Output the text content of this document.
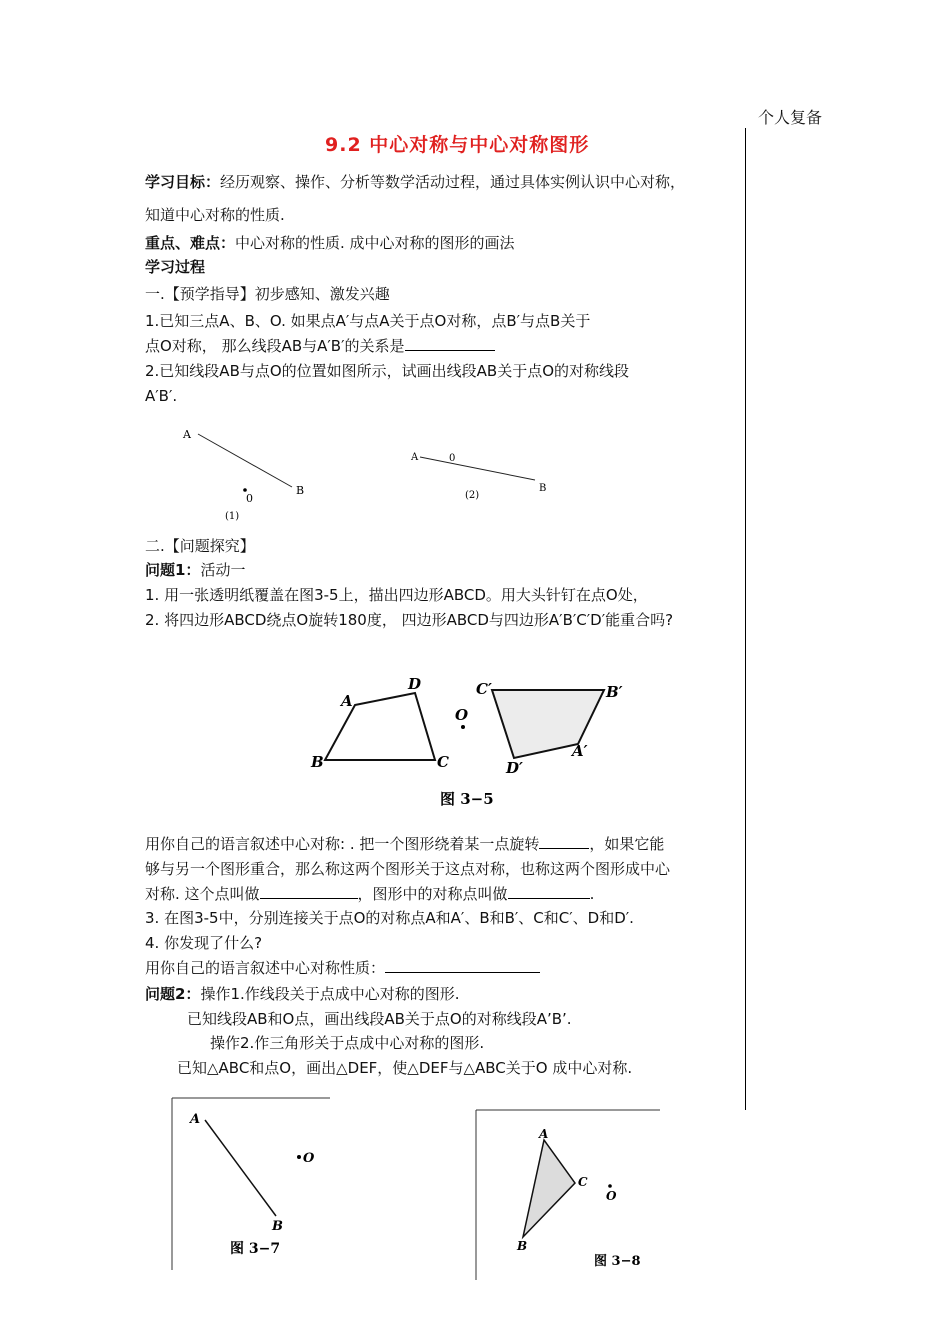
个人复备
9.2 中心对称与中心对称图形
学习目标：经历观察、操作、分析等数学活动过程，通过具体实例认识中心对称，
知道中心对称的性质.
重点、难点：中心对称的性质. 成中心对称的图形的画法
学习过程
一.【预学指导】初步感知、激发兴趣
1.已知三点A、B、O. 如果点A′与点A关于点O对称，点B′与点B关于
点O对称， 那么线段AB与A′B′的关系是
2.已知线段AB与点O的位置如图所示，试画出线段AB关于点O的对称线段
A′B′.
A
B
0
(1)
A	0
B
(2)
二.【问题探究】
问题1：活动一
1. 用一张透明纸覆盖在图3-5上，描出四边形ABCD。用大头针钉在点O处，
2. 将四边形ABCD绕点O旋转180度， 四边形ABCD与四边形A′B′C′D′能重合吗?
A
D
B	C
O
C′	B′
A′
D′
图 3−5
用你自己的语言叙述中心对称: . 把一个图形绕着某一点旋转	，如果它能
够与另一个图形重合，那么称这两个图形关于这点对称，也称这两个图形成中心
对称. 这个点叫做	，图形中的对称点叫做	.
3. 在图3-5中，分别连接关于点O的对称点A和A′、B和B′、C和C′、D和D′.
4. 你发现了什么?
用你自己的语言叙述中心对称性质：
问题2：操作1.作线段关于点成中心对称的图形.
已知线段AB和O点，画出线段AB关于点O的对称线段A’B’.
操作2.作三角形关于点成中心对称的图形.
已知△ABC和点O，画出△DEF，使△DEF与△ABC关于O 成中心对称.
A
B
O
图 3−7
A
C
B
O
图 3−8
